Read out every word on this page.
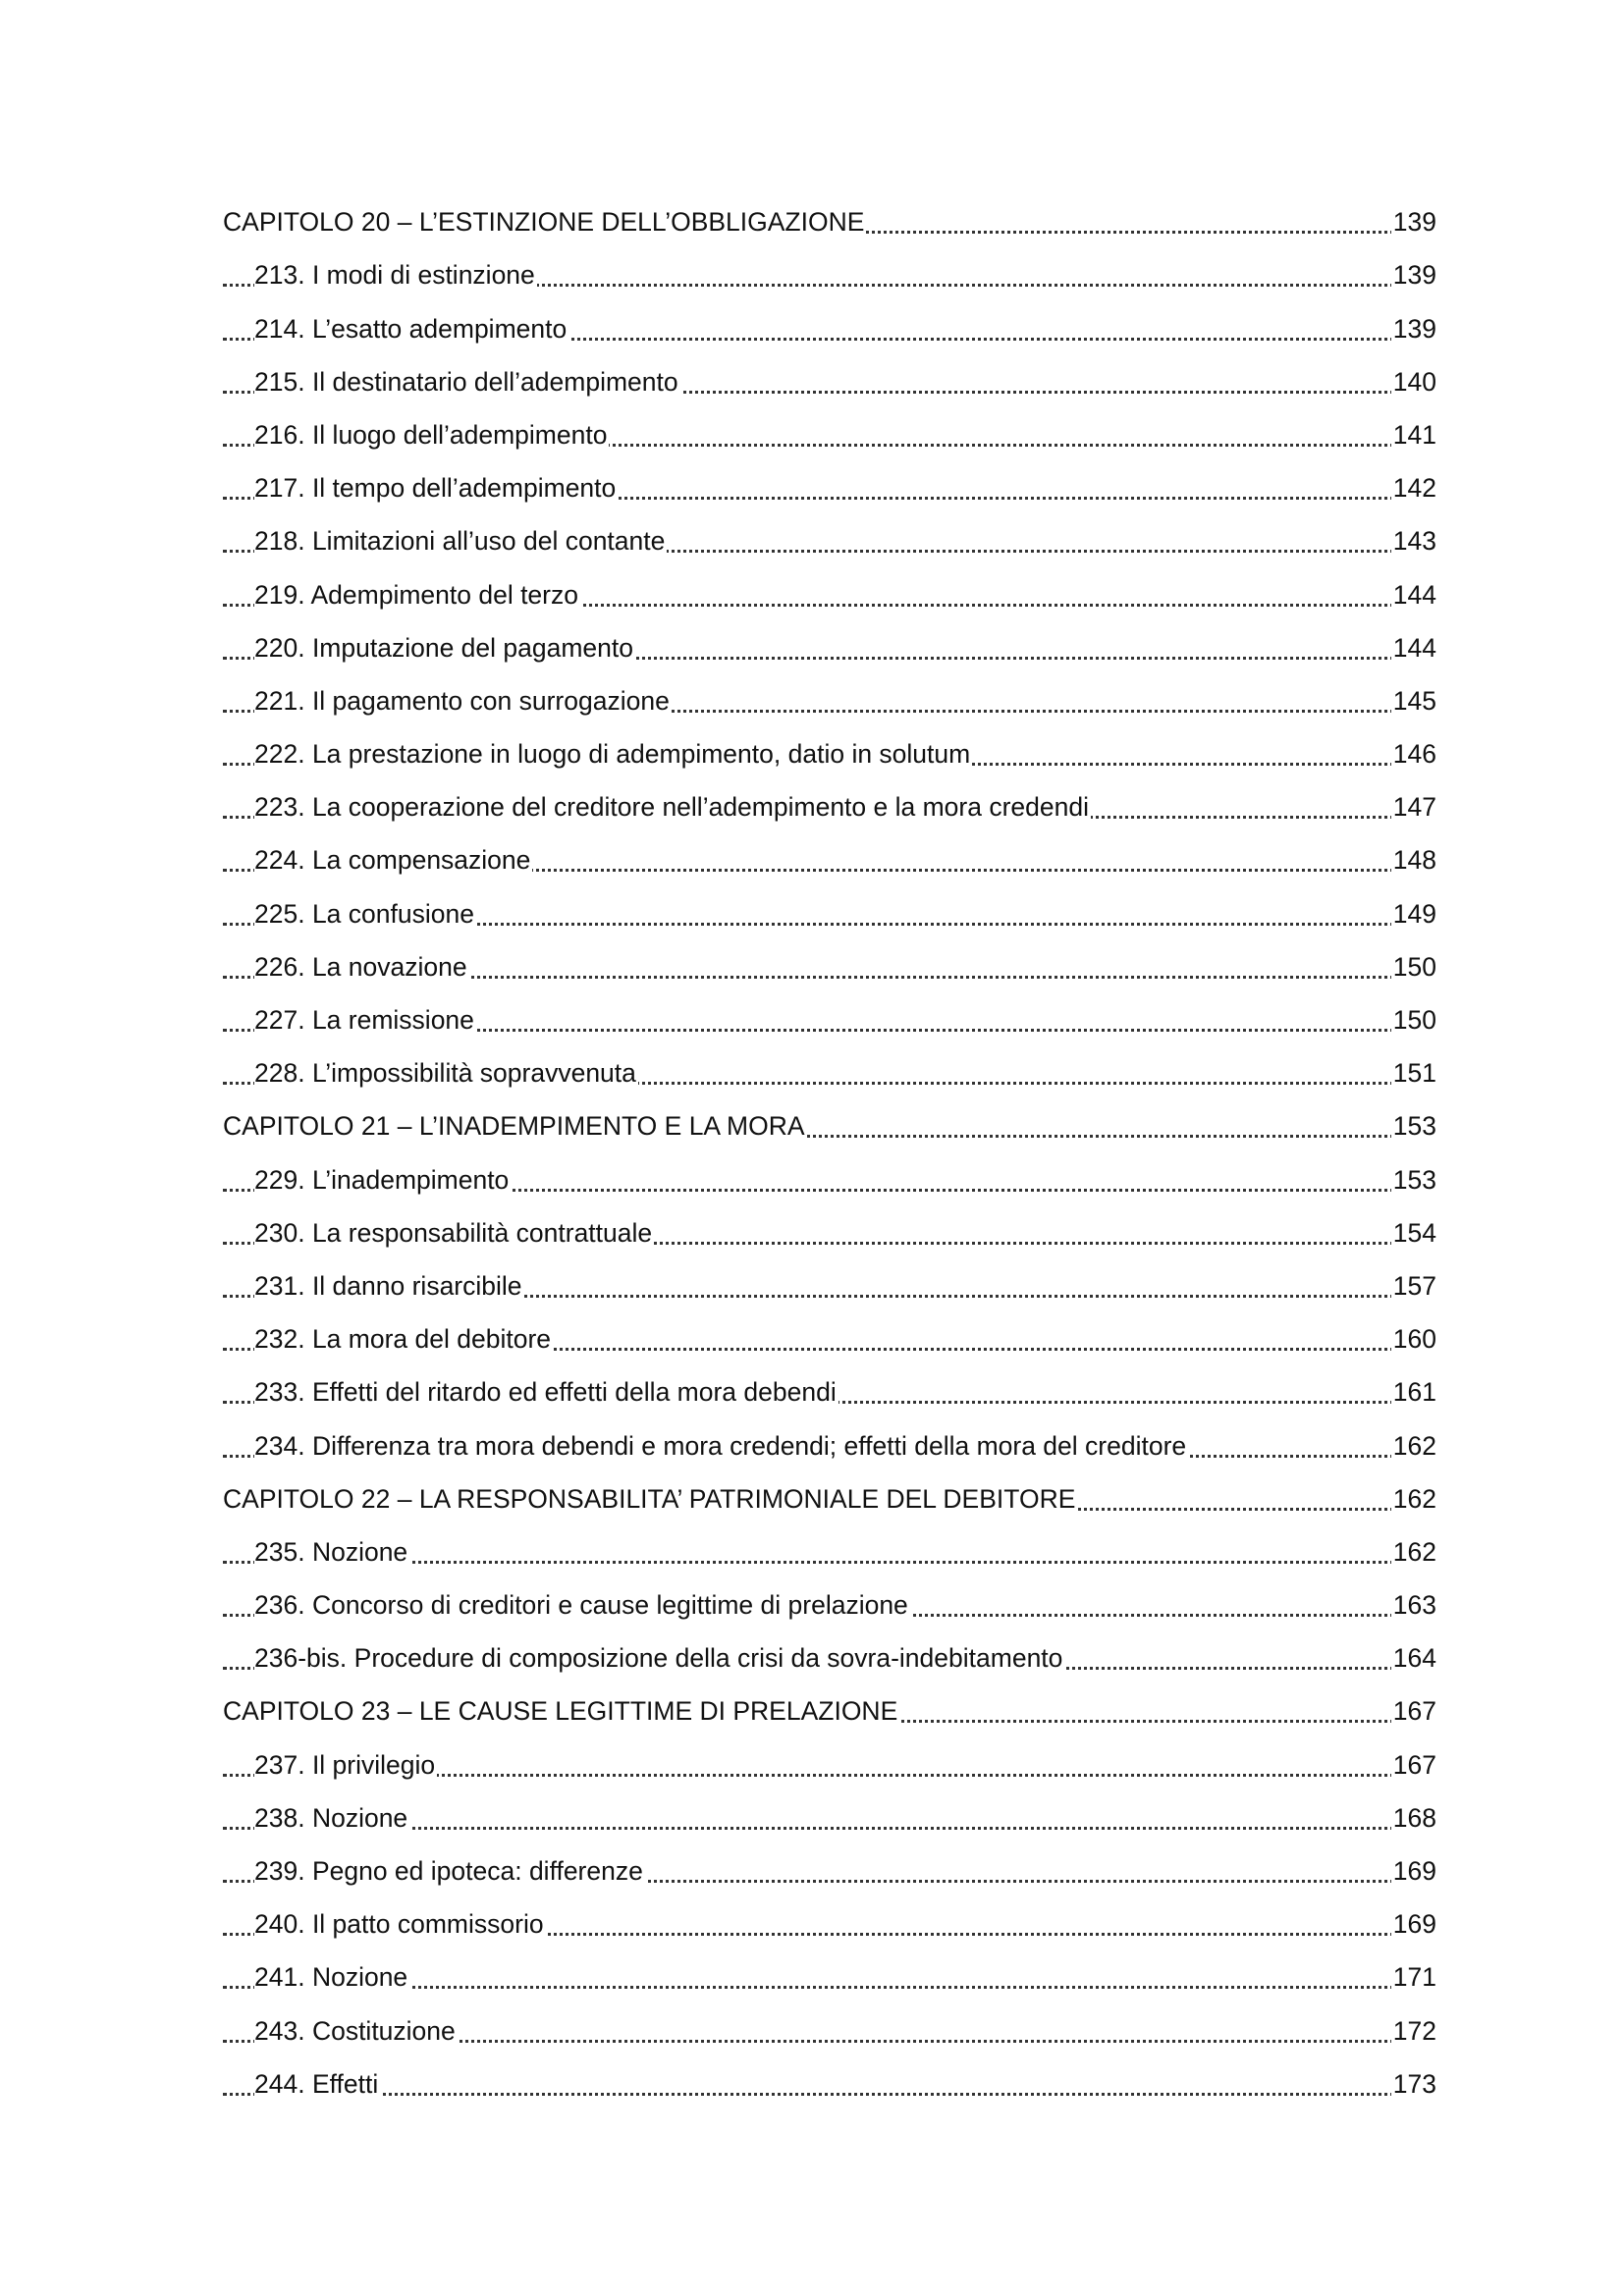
CAPITOLO 20 – L’ESTINZIONE DELL’OBBLIGAZIONE	139
213. I modi di estinzione	139
214. L’esatto adempimento	139
215. Il destinatario dell’adempimento	140
216. Il luogo dell’adempimento	141
217. Il tempo dell’adempimento	142
218. Limitazioni all’uso del contante	143
219. Adempimento del terzo	144
220. Imputazione del pagamento	144
221. Il pagamento con surrogazione	145
222. La prestazione in luogo di adempimento, datio in solutum	146
223. La cooperazione del creditore nell’adempimento e la mora credendi	147
224. La compensazione	148
225. La confusione	149
226. La novazione	150
227. La remissione	150
228. L’impossibilità sopravvenuta	151
CAPITOLO 21 – L’INADEMPIMENTO E LA MORA	153
229. L’inadempimento	153
230. La responsabilità contrattuale	154
231. Il danno risarcibile	157
232. La mora del debitore	160
233. Effetti del ritardo ed effetti della mora debendi	161
234. Differenza tra mora debendi e mora credendi; effetti della mora del creditore	162
CAPITOLO 22 – LA RESPONSABILITA’ PATRIMONIALE DEL DEBITORE	162
235. Nozione	162
236. Concorso di creditori e cause legittime di prelazione	163
236-bis. Procedure di composizione della crisi da sovra-indebitamento	164
CAPITOLO 23 – LE CAUSE LEGITTIME DI PRELAZIONE	167
237. Il privilegio	167
238. Nozione	168
239. Pegno ed ipoteca: differenze	169
240. Il patto commissorio	169
241. Nozione	171
243. Costituzione	172
244. Effetti	173
